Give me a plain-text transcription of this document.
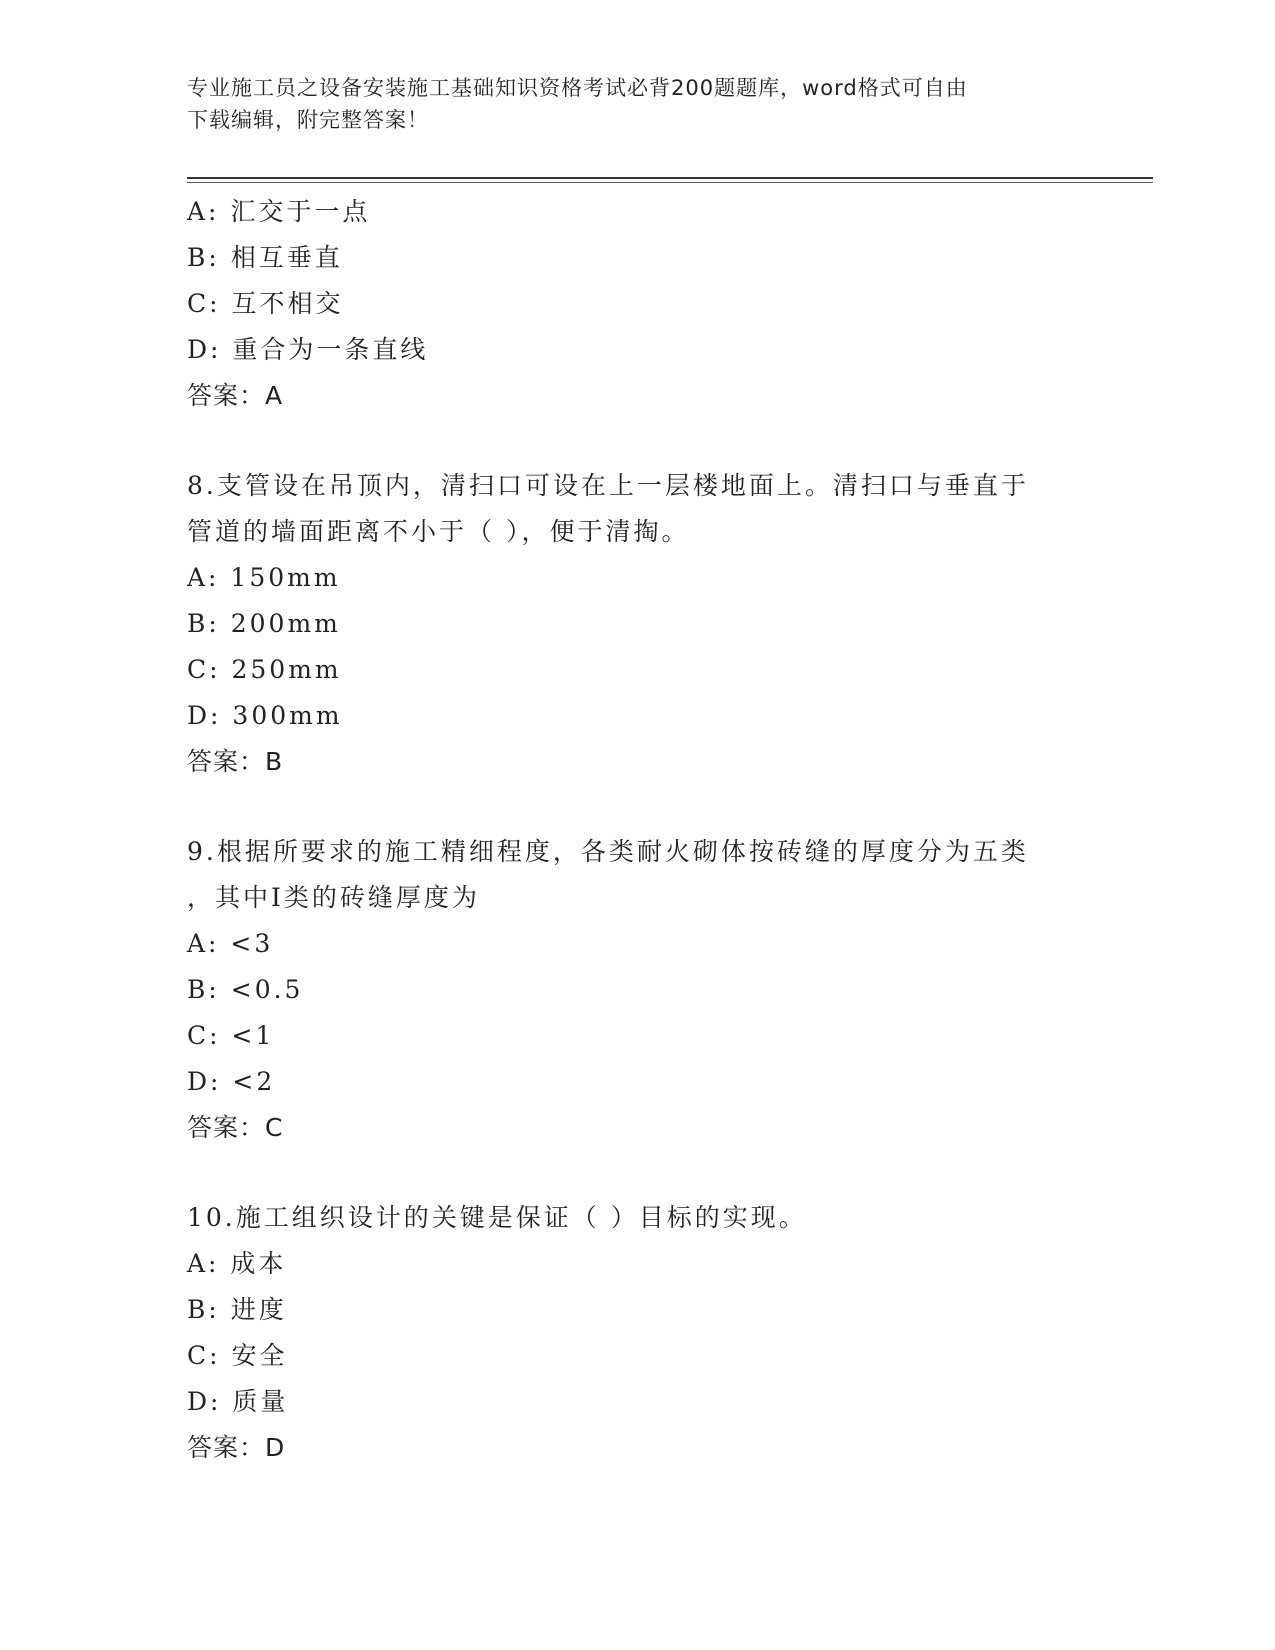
专业施工员之设备安装施工基础知识资格考试必背200题题库，word格式可自由
下载编辑，附完整答案！
A: 汇交于一点
B: 相互垂直
C: 互不相交
D: 重合为一条直线
答案：A
8.支管设在吊顶内，清扫口可设在上一层楼地面上。清扫口与垂直于
管道的墙面距离不小于（ ），便于清掏。
A: 150mm
B: 200mm
C: 250mm
D: 300mm
答案：B
9.根据所要求的施工精细程度，各类耐火砌体按砖缝的厚度分为五类
，其中Ⅰ类的砖缝厚度为
A: <3
B: <0.5
C: <1
D: <2
答案：C
10.施工组织设计的关键是保证（ ）目标的实现。
A: 成本
B: 进度
C: 安全
D: 质量
答案：D
